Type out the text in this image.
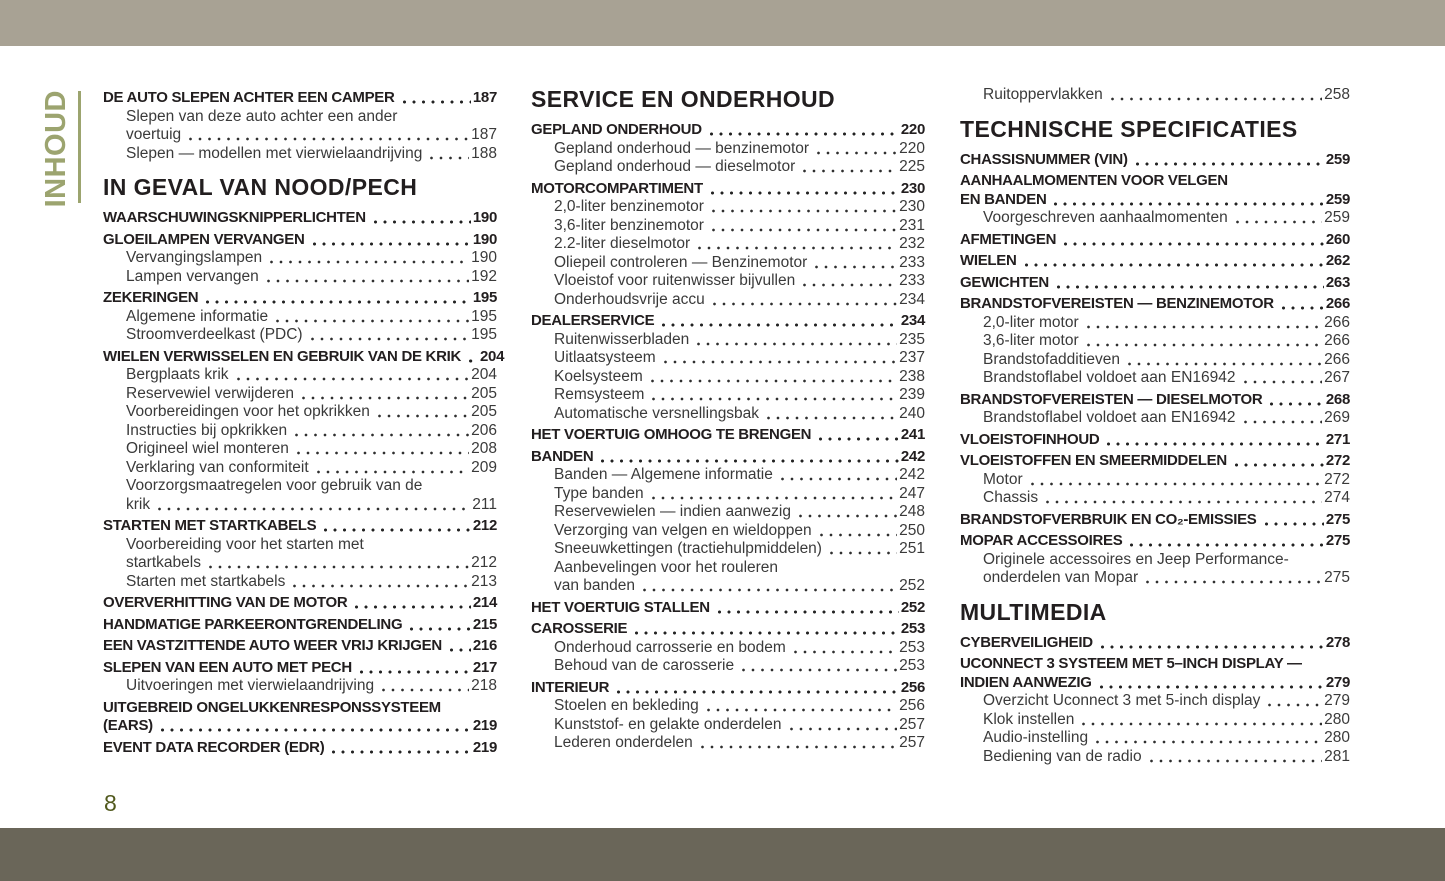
INHOUD DE AUTO SLEPEN ACHTER EEN CAMPER	187
Slepen van deze auto achter een ander
voertuig	187
Slepen — modellen met vierwielaandrijving	188
IN GEVAL VAN NOOD/PECH
WAARSCHUWINGSKNIPPERLICHTEN	190
GLOEILAMPEN VERVANGEN	190
Vervangingslampen	190
Lampen vervangen	192
ZEKERINGEN	195
Algemene informatie	195
Stroomverdeelkast (PDC)	195
WIELEN VERWISSELEN EN GEBRUIK VAN DE KRIK 204
Bergplaats krik	204
Reservewiel verwijderen	205
Voorbereidingen voor het opkrikken	205
Instructies bij opkrikken	206
Origineel wiel monteren	208
Verklaring van conformiteit	209
Voorzorgsmaatregelen voor gebruik van de
krik	211
STARTEN MET STARTKABELS	212
Voorbereiding voor het starten met
startkabels	212
Starten met startkabels	213
OVERVERHITTING VAN DE MOTOR	214
HANDMATIGE PARKEERONTGRENDELING	215
EEN VASTZITTENDE AUTO WEER VRIJ KRIJGEN 216
SLEPEN VAN EEN AUTO MET PECH	217
Uitvoeringen met vierwielaandrijving	218
UITGEBREID ONGELUKKENRESPONSSYSTEEM
(EARS)	219
EVENT DATA RECORDER (EDR)	219
SERVICE EN ONDERHOUD
GEPLAND ONDERHOUD	220
Gepland onderhoud — benzinemotor	220
Gepland onderhoud — dieselmotor	225
MOTORCOMPARTIMENT	230
2,0-liter benzinemotor	230
3,6-liter benzinemotor	231
2.2-liter dieselmotor	232
Oliepeil controleren — Benzinemotor	233
Vloeistof voor ruitenwisser bijvullen	233
Onderhoudsvrije accu	234
DEALERSERVICE	234
Ruitenwisserbladen	235
Uitlaatsysteem	237
Koelsysteem	238
Remsysteem	239
Automatische versnellingsbak	240
HET VOERTUIG OMHOOG TE BRENGEN	241
BANDEN	242
Banden — Algemene informatie	242
Type banden	247
Reservewielen — indien aanwezig	248
Verzorging van velgen en wieldoppen	250
Sneeuwkettingen (tractiehulpmiddelen)	251
Aanbevelingen voor het rouleren
van banden	252
HET VOERTUIG STALLEN	252
CAROSSERIE	253
Onderhoud carrosserie en bodem	253
Behoud van de carosserie	253
INTERIEUR	256
Stoelen en bekleding	256
Kunststof- en gelakte onderdelen	257
Lederen onderdelen	257
Ruitoppervlakken	258
TECHNISCHE SPECIFICATIES
CHASSISNUMMER (VIN)	259
AANHAALMOMENTEN VOOR VELGEN
EN BANDEN	259
Voorgeschreven aanhaalmomenten	259
AFMETINGEN	260
WIELEN	262
GEWICHTEN	263
BRANDSTOFVEREISTEN — BENZINEMOTOR	266
2,0-liter motor	266
3,6-liter motor	266
Brandstofadditieven	266
Brandstoflabel voldoet aan EN16942	267
BRANDSTOFVEREISTEN — DIESELMOTOR	268
Brandstoflabel voldoet aan EN16942	269
VLOEISTOFINHOUD	271
VLOEISTOFFEN EN SMEERMIDDELEN	272
Motor	272
Chassis	274
BRANDSTOFVERBRUIK EN CO₂-EMISSIES	275
MOPAR ACCESSOIRES	275
Originele accessoires en Jeep Performance-
onderdelen van Mopar	275
MULTIMEDIA
CYBERVEILIGHEID	278
UCONNECT 3 SYSTEEM MET 5–INCH DISPLAY —
INDIEN AANWEZIG	279
Overzicht Uconnect 3 met 5-inch display	279
Klok instellen	280
Audio-instelling	280
Bediening van de radio	281
8
